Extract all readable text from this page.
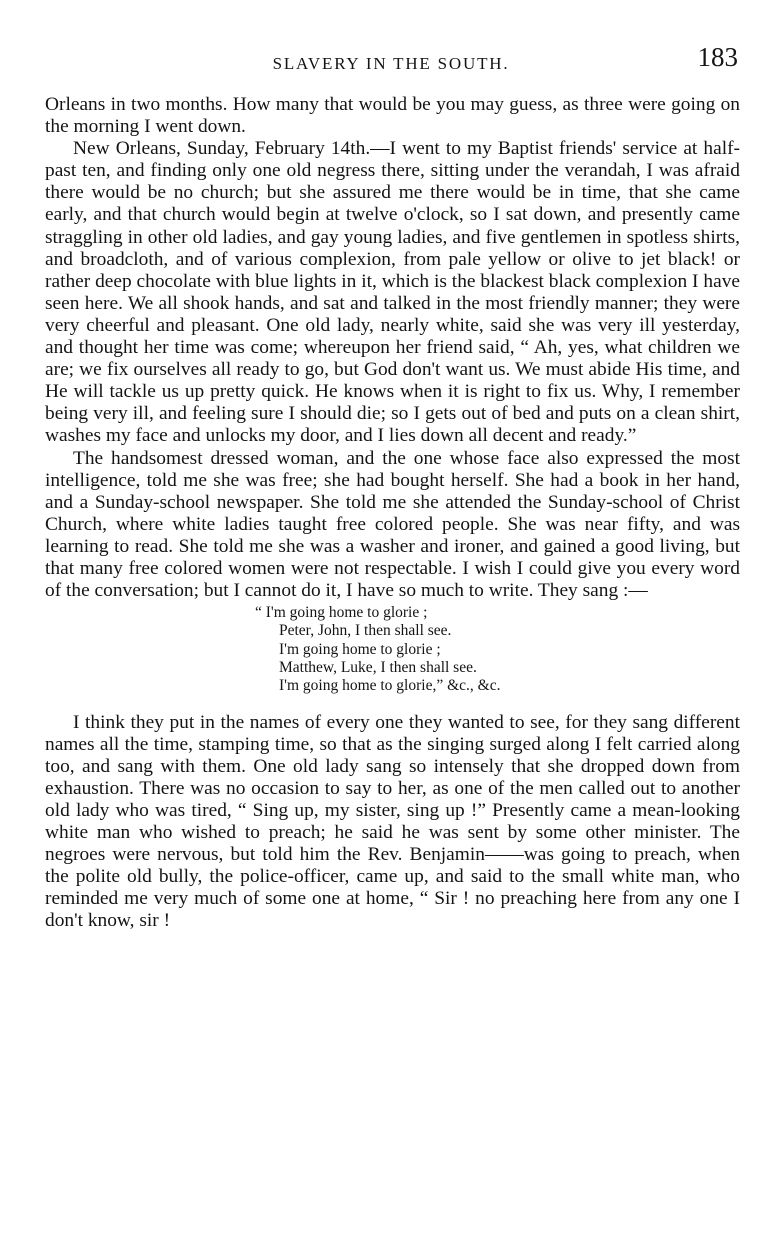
SLAVERY IN THE SOUTH.	183

Orleans in two months. How many that would be you may guess, as three were going on the morning I went down.

New Orleans, Sunday, February 14th.—I went to my Baptist friends' service at half-past ten, and finding only one old negress there, sitting under the verandah, I was afraid there would be no church; but she assured me there would be in time, that she came early, and that church would begin at twelve o'clock, so I sat down, and presently came straggling in other old ladies, and gay young ladies, and five gentlemen in spotless shirts, and broadcloth, and of various complexion, from pale yellow or olive to jet black! or rather deep chocolate with blue lights in it, which is the blackest black complexion I have seen here. We all shook hands, and sat and talked in the most friendly manner; they were very cheerful and pleasant. One old lady, nearly white, said she was very ill yesterday, and thought her time was come; whereupon her friend said, “ Ah, yes, what children we are; we fix ourselves all ready to go, but God don't want us. We must abide His time, and He will tackle us up pretty quick. He knows when it is right to fix us. Why, I remember being very ill, and feeling sure I should die; so I gets out of bed and puts on a clean shirt, washes my face and unlocks my door, and I lies down all decent and ready.”

The handsomest dressed woman, and the one whose face also expressed the most intelligence, told me she was free; she had bought herself. She had a book in her hand, and a Sunday-school newspaper. She told me she attended the Sunday-school of Christ Church, where white ladies taught free colored people. She was near fifty, and was learning to read. She told me she was a washer and ironer, and gained a good living, but that many free colored women were not respectable. I wish I could give you every word of the conversation; but I cannot do it, I have so much to write. They sang :—

“ I'm going home to glorie ;
Peter, John, I then shall see.
I'm going home to glorie ;
Matthew, Luke, I then shall see.
I'm going home to glorie,” &c., &c.

I think they put in the names of every one they wanted to see, for they sang different names all the time, stamping time, so that as the singing surged along I felt carried along too, and sang with them. One old lady sang so intensely that she dropped down from exhaustion. There was no occasion to say to her, as one of the men called out to another old lady who was tired, “ Sing up, my sister, sing up !” Presently came a mean-looking white man who wished to preach; he said he was sent by some other minister. The negroes were nervous, but told him the Rev. Benjamin——was going to preach, when the polite old bully, the police-officer, came up, and said to the small white man, who reminded me very much of some one at home, “ Sir ! no preaching here from any one I don't know, sir !
